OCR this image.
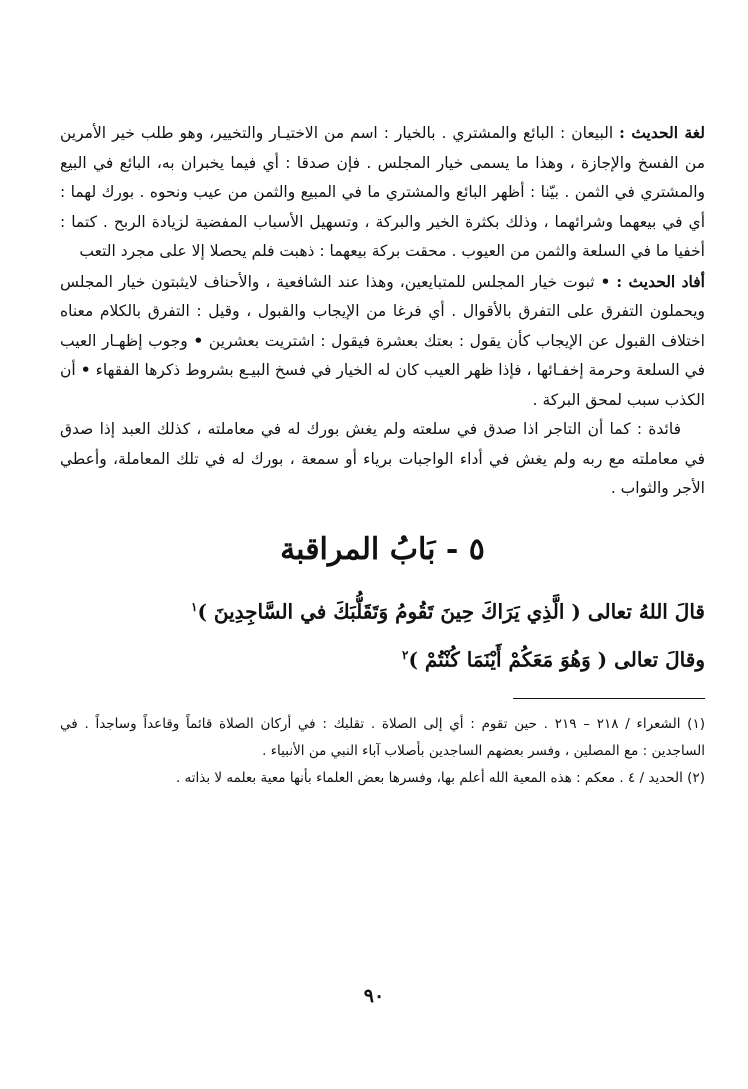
لغة الحديث : البيعان : البائع والمشتري . بالخيار : اسم من الاختيـار والتخيير، وهو طلب خير الأمرين من الفسخ والإجازة ، وهذا ما يسمى خيار المجلس . فإن صدقا : أي فيما يخبران به، البائع في البيع والمشتري في الثمن . بيّنا : أظهر البائع والمشتري ما في المبيع والثمن من عيب ونحوه . بورك لهما : أي في بيعهما وشرائهما ، وذلك بكثرة الخير والبركة ، وتسهيل الأسباب المفضية لزيادة الربح . كتما : أخفيا ما في السلعة والثمن من العيوب . محقت بركة بيعهما : ذهبت فلم يحصلا إلا على مجرد التعب

أفاد الحديث : • ثبوت خيار المجلس للمتبايعين، وهذا عند الشافعية ، والأحناف لايثبتون خيار المجلس ويحملون التفرق على التفرق بالأقوال . أي فرغا من الإيجاب والقبول ، وقيل : التفرق بالكلام معناه اختلاف القبول عن الإيجاب كأن يقول : بعتك بعشرة فيقول : اشتريت بعشرين • وجوب إظهـار العيب في السلعة وحرمة إخفـائها ، فإذا ظهر العيب كان له الخيار في فسخ البيـع بشروط ذكرها الفقهاء • أن الكذب سبب لمحق البركة .

فائدة : كما أن التاجر اذا صدق في سلعته ولم يغش بورك له في معاملته ، كذلك العبد إذا صدق في معاملته مع ربه ولم يغش في أداء الواجبات برياء أو سمعة ، بورك له في تلك المعاملة، وأعطي الأجر والثواب .

٥ - بَابُ المراقبة

قالَ اللهُ تعالى ( الَّذِي يَرَاكَ حِينَ تَقُومُ وَتَقَلُّبَكَ في السَّاجِدِينَ )$^١$

وقالَ تعالى ( وَهُوَ مَعَكُمْ أَيْنَمَا كُنْتُمْ )$^٢$

(١) الشعراء / ٢١٨ – ٢١٩ . حين تقوم : أي إلى الصلاة . تقلبك : في أركان الصلاة قائماً وقاعداً وساجداً . في الساجدين : مع المصلين ، وفسر بعضهم الساجدين بأصلاب آباء النبي من الأنبياء .

(٢) الحديد / ٤ . معكم : هذه المعية الله أعلم بها، وفسرها بعض العلماء بأنها معية بعلمه لا بذاته .

٩٠
